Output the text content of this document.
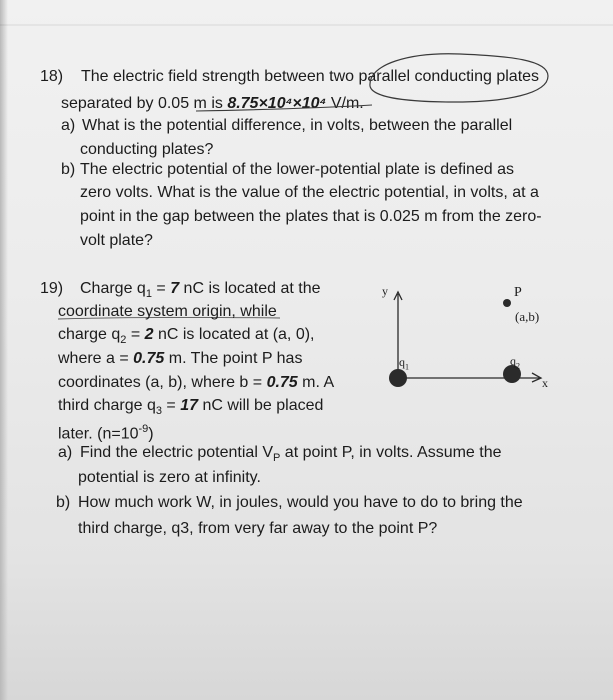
18) The electric field strength between two parallel conducting plates
separated by 0.05 m is 8.75×10⁴×10⁴ V/m.
a) What is the potential difference, in volts, between the parallel
conducting plates?
b) The electric potential of the lower-potential plate is defined as
zero volts. What is the value of the electric potential, in volts, at a
point in the gap between the plates that is 0.025 m from the zero-
volt plate?
19) Charge $q_1 = 7$ nC is located at the
coordinate system origin, while
charge $q_2 = 2$ nC is located at (a, 0),
where a = 0.75 m. The point P has
coordinates (a, b), where b = 0.75 m. A
third charge $q_3 = 17$ nC will be placed
later. $(n=10^{-9})$
a) Find the electric potential $V_P$ at point P, in volts. Assume the
potential is zero at infinity.
b) How much work W, in joules, would you have to do to bring the
third charge, q3, from very far away to the point P?
y
x
P
(a,b)
$q_1$	$q_2$
